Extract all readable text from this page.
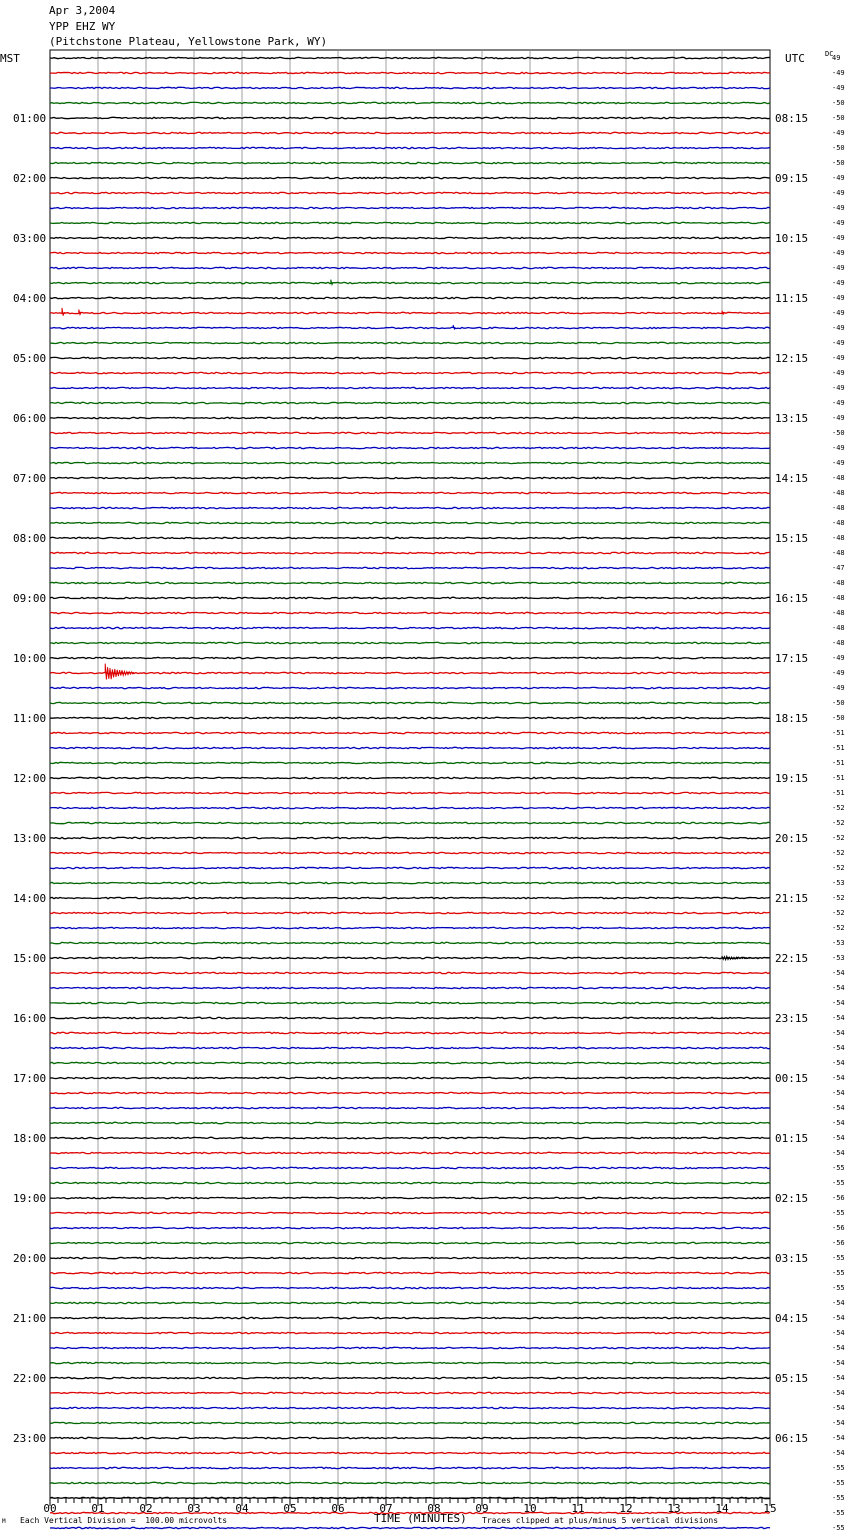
Apr 3,2004
YPP EHZ WY
(Pitchstone Plateau, Yellowstone Park, WY)
MST	UTC
01:00
02:00
03:00
04:00
05:00
06:00
07:00
08:00
09:00
10:00
11:00
12:00
13:00
14:00
15:00
16:00
17:00
18:00
19:00
20:00
21:00
22:00
23:00
08:15
09:15
10:15
11:15
12:15
13:15
14:15
15:15
16:15
17:15
18:15
19:15
20:15
21:15
22:15
23:15
00:15
01:15
02:15
03:15
04:15
05:15
06:15
DC
49
-49
-49
-50
-50
-49
-50
-50
-49
-49
-49
-49
-49
-49
-49
-49
-49
-49
-49
-49
-49
-49
-49
-49
-49
-50
-49
-49
-48
-48
-48
-48
-48
-48
-47
-48
-48
-48
-48
-48
-49
-49
-49
-50
-50
-51
-51
-51
-51
-51
-52
-52
-52
-52
-52
-53
-52
-52
-52
-53
-53
-54
-54
-54
-54
-54
-54
-54
-54
-54
-54
-54
-54
-54
-55
-55
-56
-55
-56
-56
-55
-55
-55
-54
-54
-54
-54
-54
-54
-54
-54
-54
-54
-54
-55
-55
-55
-55
-55
00	01	02	03	04	05	06	07	08	09	10	11	12	13	14	15
M Each Vertical Division =  100.00 microvolts	TIME (MINUTES) Traces clipped at plus/minus 5 vertical divisions
